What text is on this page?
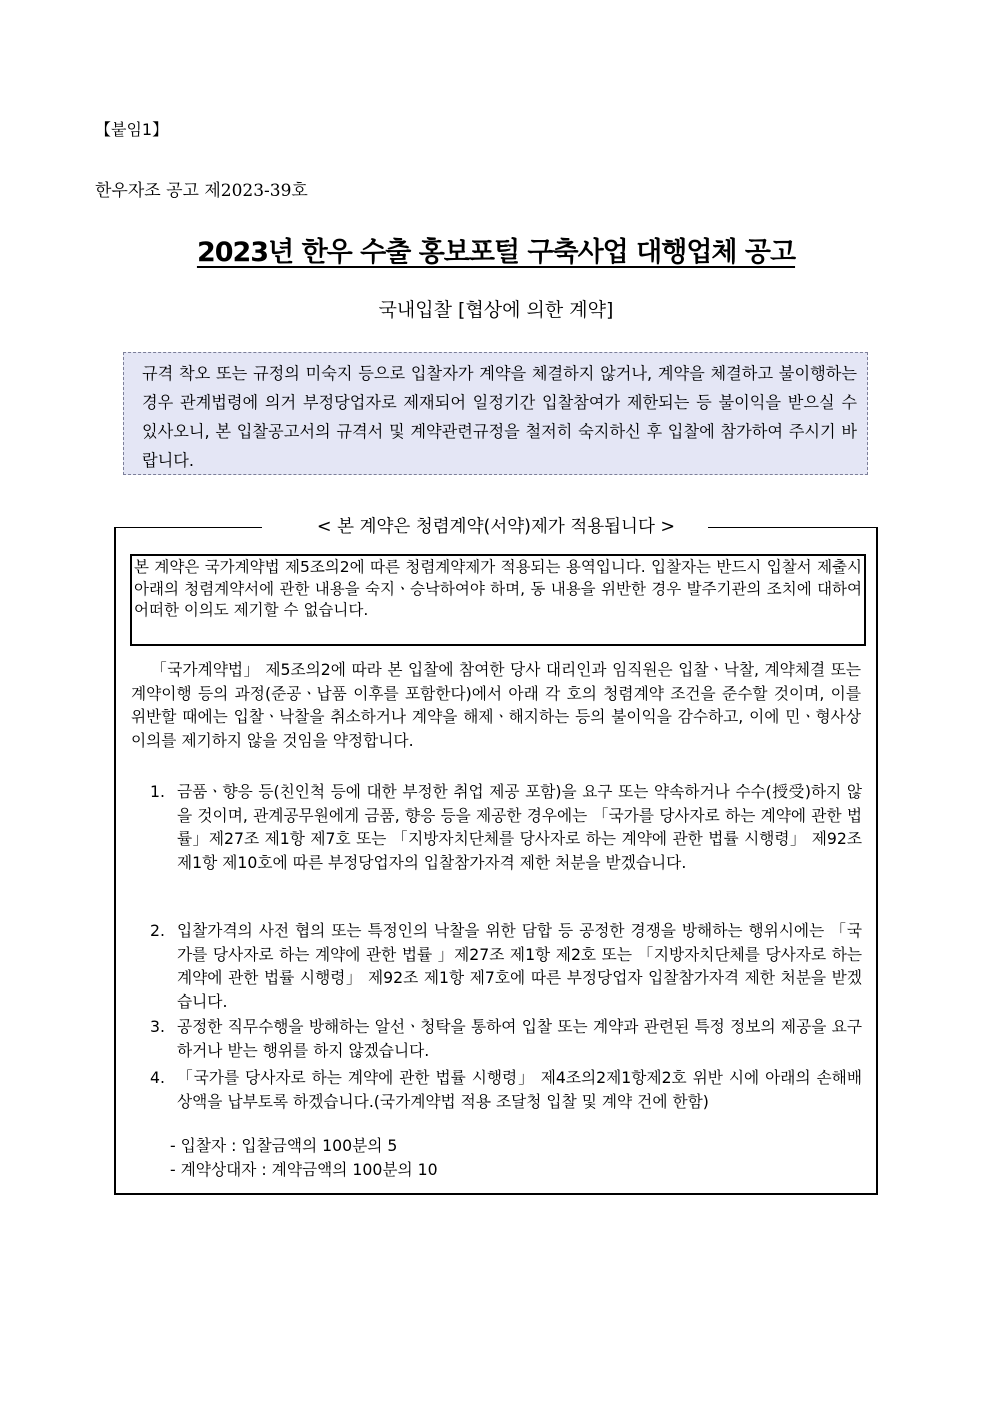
【붙임1】
한우자조 공고 제2023-39호
2023년 한우 수출 홍보포털 구축사업 대행업체 공고
국내입찰 [협상에 의한 계약]
규격 착오 또는 규정의 미숙지 등으로 입찰자가 계약을 체결하지 않거나, 계약을 체결하고 불이행하는 경우 관계법령에 의거 부정당업자로 제재되어 일정기간 입찰참여가 제한되는 등 불이익을 받으실 수 있사오니, 본 입찰공고서의 규격서 및 계약관련규정을 철저히 숙지하신 후 입찰에 참가하여 주시기 바랍니다.
< 본 계약은 청렴계약(서약)제가 적용됩니다 >
본 계약은 국가계약법 제5조의2에 따른 청렴계약제가 적용되는 용역입니다. 입찰자는 반드시 입찰서 제출시 아래의 청렴계약서에 관한 내용을 숙지ㆍ승낙하여야 하며, 동 내용을 위반한 경우 발주기관의 조치에 대하여 어떠한 이의도 제기할 수 없습니다.
「국가계약법」 제5조의2에 따라 본 입찰에 참여한 당사 대리인과 임직원은 입찰ㆍ낙찰, 계약체결 또는 계약이행 등의 과정(준공ㆍ납품 이후를 포함한다)에서 아래 각 호의 청렴계약 조건을 준수할 것이며, 이를 위반할 때에는 입찰ㆍ낙찰을 취소하거나 계약을 해제ㆍ해지하는 등의 불이익을 감수하고, 이에 민ㆍ형사상 이의를 제기하지 않을 것임을 약정합니다.
1. 금품ㆍ향응 등(친인척 등에 대한 부정한 취업 제공 포함)을 요구 또는 약속하거나 수수(授受)하지 않을 것이며, 관계공무원에게 금품, 향응 등을 제공한 경우에는 「국가를 당사자로 하는 계약에 관한 법률」제27조 제1항 제7호 또는 「지방자치단체를 당사자로 하는 계약에 관한 법률 시행령」 제92조 제1항 제10호에 따른 부정당업자의 입찰참가자격 제한 처분을 받겠습니다.
2. 입찰가격의 사전 협의 또는 특정인의 낙찰을 위한 담합 등 공정한 경쟁을 방해하는 행위시에는 「국가를 당사자로 하는 계약에 관한 법률 」제27조 제1항 제2호 또는 「지방자치단체를 당사자로 하는 계약에 관한 법률 시행령」 제92조 제1항 제7호에 따른 부정당업자 입찰참가자격 제한 처분을 받겠습니다.
3. 공정한 직무수행을 방해하는 알선ㆍ청탁을 통하여 입찰 또는 계약과 관련된 특정 정보의 제공을 요구하거나 받는 행위를 하지 않겠습니다.
4. 「국가를 당사자로 하는 계약에 관한 법률 시행령」 제4조의2제1항제2호 위반 시에 아래의 손해배상액을 납부토록 하겠습니다.(국가계약법 적용 조달청 입찰 및 계약 건에 한함)
- 입찰자 : 입찰금액의 100분의 5
- 계약상대자 : 계약금액의 100분의 10
